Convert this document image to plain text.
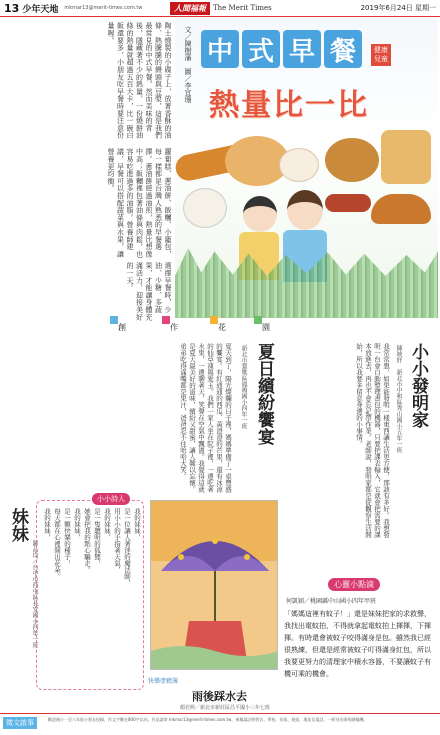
13 少年天地 mkmar13@merit-times.com.tw	人間福報	The Merit Times	2019年6月24日 星期一
陶土燒製的小碟子上，放著香酥的油條、熱騰騰的饅頭與豆漿，這是我們最常見的中式早餐。然而美味的背後，隱藏著不少的熱量，一份燒餅油條的熱量就超過五百大卡，比一碗白飯還要多，小朋友吃早餐時要注意份量喔。
蘿蔔糕、蔥油餅、飯糰、小籠包，每一樣都是台灣人熟悉的早餐選擇。蔥油餅經過油煎，熱量比想像中高；飯糰裡包著油條與肉鬆，也容易吃進過多的油脂。營養師建議，早餐可以搭配蔬菜與水果，讓營養更均衡。
選擇早餐時，少油、少糖、多蔬果，才能讓身體充滿活力，迎接美好的一天。
文／陳樹藩　圖／李宜珊 中 式 早 餐	健康兒童
熱量比一比
創	作	花	園
夏天到了，陽光燦爛的日子裡，媽媽準備了一桌豐盛的饗宴。有紅通通的西瓜、黃澄澄的芒果，還有冰涼的仙草凍與愛玉。我們一家人坐在院子裡，一邊吃著水果，一邊聊著天，笑聲在空氣中飄盪。我覺得這就是夏天最美好的滋味，繽紛又甜蜜，讓人難以忘懷。弟弟吃得滿嘴都是果汁，爸爸忍不住哈哈大笑。	夏日繽紛饗宴
新北市鶯歌區鳳鳴國小四年一班	我常常想，如果能發明一樣東西讓生活更方便，那該有多好。我想發明一台會自動整理書包的機器，只要把課表輸入，它就會把需要的課本放進去，再也不會忘記帶作業。老師說，發明家都是從觀察生活開始，所以我要多留意身邊的小事情。	小小發明家
陳映妤　新北市中和區秀山國小五年一班
妹妹
羅品均／台中市西屯區長安國小四年一班
小小詩人
我的妹妹，
是一位讓人著迷的魔法師，
用小小的手指著天氣，
我的妹妹，
是一隻聰明的狐狸，
她會把我的點心騙走。
我的妹妹，
是一顆快樂的種子，
每天都在心裡開出花朵。
我的妹妹，
快樂塗鴉簿
雨後踩水去
顏若熙／新北市新莊區昌平國小三年七班
心靈小點滴
何凱穎／桃園縣中山國小四年甲班
「媽媽這裡有蚊子！」還是妹妹把家的求救聲，我找出電蚊拍，不得就拿起電蚊拍上揮揮，下揮揮。有時還會被蚊子咬得滿身是包。雖然我已經很熟練，但還是經常被蚊子叮得滿身紅包，所以我要更努力的清理家中積水容器，不要讓蚊子有機可乘的機會。
徵文啟事	歡迎國小一至六年級小朋友投稿，作文字數在800字以內，作品請寄 mkmar13@merit-times.com.tw，來稿請註明姓名、學校、年級、班級、地址及電話，一經刊出即致贈稿酬。
